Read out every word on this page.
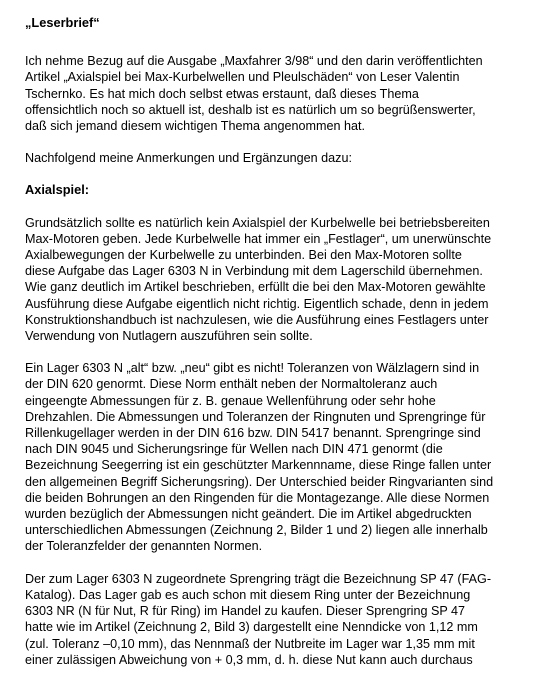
„Leserbrief“
Ich nehme Bezug auf die Ausgabe „Maxfahrer 3/98“ und den darin veröffentlichten
Artikel „Axialspiel bei Max-Kurbelwellen und Pleulschäden“ von Leser Valentin
Tschernko. Es hat mich doch selbst etwas erstaunt, daß dieses Thema
offensichtlich noch so aktuell ist, deshalb ist es natürlich um so begrüßenswerter,
daß sich jemand diesem wichtigen Thema angenommen hat.
Nachfolgend meine Anmerkungen und Ergänzungen dazu:
Axialspiel:
Grundsätzlich sollte es natürlich kein Axialspiel der Kurbelwelle bei betriebsbereiten
Max-Motoren geben. Jede Kurbelwelle hat immer ein „Festlager“, um unerwünschte
Axialbewegungen der Kurbelwelle zu unterbinden. Bei den Max-Motoren sollte
diese Aufgabe das Lager 6303 N in Verbindung mit dem Lagerschild übernehmen.
Wie ganz deutlich im Artikel beschrieben, erfüllt die bei den Max-Motoren gewählte
Ausführung diese Aufgabe eigentlich nicht richtig. Eigentlich schade, denn in jedem
Konstruktionshandbuch ist nachzulesen, wie die Ausführung eines Festlagers unter
Verwendung von Nutlagern auszuführen sein sollte.
Ein Lager 6303 N „alt“ bzw. „neu“ gibt es nicht! Toleranzen von Wälzlagern sind in
der DIN 620 genormt. Diese Norm enthält neben der Normaltoleranz auch
eingeengte Abmessungen für z. B. genaue Wellenführung oder sehr hohe
Drehzahlen. Die Abmessungen und Toleranzen der Ringnuten und Sprengringe für
Rillenkugellager werden in der DIN 616 bzw. DIN 5417 benannt. Sprengringe sind
nach DIN 9045 und Sicherungsringe für Wellen nach DIN 471 genormt (die
Bezeichnung Seegerring ist ein geschützter Markennname, diese Ringe fallen unter
den allgemeinen Begriff Sicherungsring). Der Unterschied beider Ringvarianten sind
die beiden Bohrungen an den Ringenden für die Montagezange. Alle diese Normen
wurden bezüglich der Abmessungen nicht geändert. Die im Artikel abgedruckten
unterschiedlichen Abmessungen (Zeichnung 2, Bilder 1 und 2) liegen alle innerhalb
der Toleranzfelder der genannten Normen.
Der zum Lager 6303 N zugeordnete Sprengring trägt die Bezeichnung SP 47 (FAG-
Katalog). Das Lager gab es auch schon mit diesem Ring unter der Bezeichnung
6303 NR (N für Nut, R für Ring) im Handel zu kaufen. Dieser Sprengring SP 47
hatte wie im Artikel (Zeichnung 2, Bild 3) dargestellt eine Nenndicke von 1,12 mm
(zul. Toleranz –0,10 mm), das Nennmaß der Nutbreite im Lager war 1,35 mm mit
einer zulässigen Abweichung von + 0,3 mm, d. h. diese Nut kann auch durchaus
